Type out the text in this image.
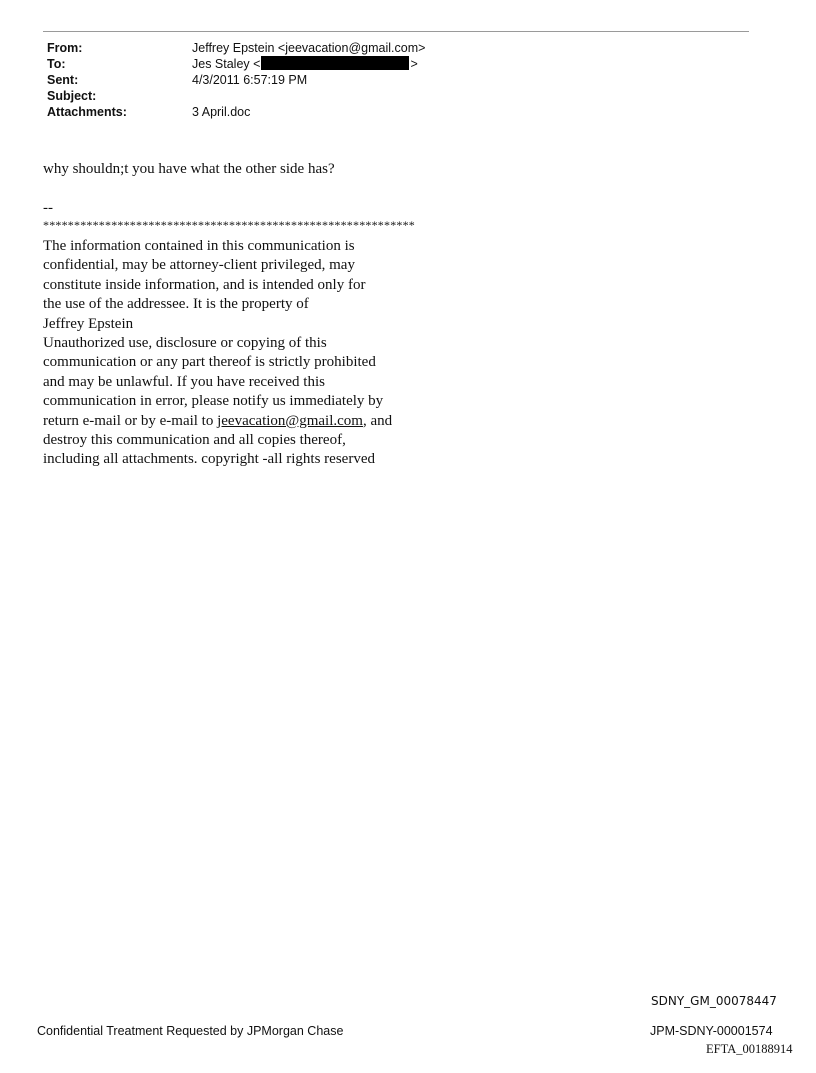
From:	Jeffrey Epstein <jeevacation@gmail.com>
To:	Jes Staley <	>
Sent:	4/3/2011 6:57:19 PM
Subject:
Attachments:	3 April.doc
why shouldn;t you have what the other side has?
--
************************************************************
The information contained in this communication is
confidential, may be attorney-client privileged, may
constitute inside information, and is intended only for
the use of the addressee. It is the property of
Jeffrey Epstein
Unauthorized use, disclosure or copying of this
communication or any part thereof is strictly prohibited
and may be unlawful. If you have received this
communication in error, please notify us immediately by
return e-mail or by e-mail to jeevacation@gmail.com, and
destroy this communication and all copies thereof,
including all attachments. copyright -all rights reserved
SDNY_GM_00078447
Confidential Treatment Requested by JPMorgan Chase	JPM-SDNY-00001574
EFTA_00188914
